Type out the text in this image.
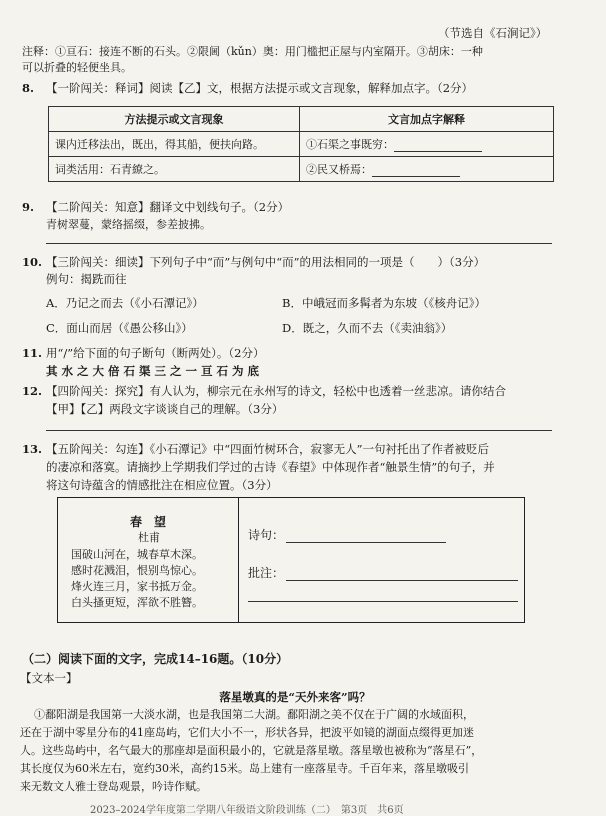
（节选自《石涧记》）
注释：①亘石：接连不断的石头。②限阃（kǔn）奥：用门槛把正屋与内室隔开。③胡床：一种
可以折叠的轻便坐具。
8. 【一阶闯关：释词】阅读【乙】文，根据方法提示或文言现象，解释加点字。（2分）
方法提示或文言现象	文言加点字解释
课内迁移法出，既出，得其船，便扶向路。	①石渠之事既穷：
词类活用：石青繚之。	②民又桥焉：
9. 【二阶闯关：知意】翻译文中划线句子。（2分）
青树翠蔓，蒙络摇缀，参差披拂。
10. 【三阶闯关：细读】下列句子中“而”与例句中“而”的用法相同的一项是（　　）（3分）
例句：揭跣而往
A．乃记之而去（《小石潭记》）	B．中峨冠而多髯者为东坡（《核舟记》）
C．面山而居（《愚公移山》）	D．既之，久而不去（《卖油翁》）
11. 用“/”给下面的句子断句（断两处）。（2分）
其 水 之 大 倍 石 渠 三 之 一 亘 石 为 底
12. 【四阶闯关：探究】有人认为，柳宗元在永州写的诗文，轻松中也透着一丝悲凉。请你结合
【甲】【乙】两段文字谈谈自己的理解。（3分）
13. 【五阶闯关：勾连】《小石潭记》中“四面竹树环合，寂寥无人”一句衬托出了作者被贬后
的凄凉和落寞。请摘抄上学期我们学过的古诗《春望》中体现作者“触景生情”的句子，并
将这句诗蕴含的情感批注在相应位置。（3分）
春　望
杜甫
国破山河在，城春草木深。
感时花溅泪，恨别鸟惊心。
烽火连三月，家书抵万金。
白头搔更短，浑欲不胜簪。
诗句：
批注：
（二）阅读下面的文字，完成14–16题。（10分）
【文本一】
落星墩真的是“天外来客”吗？
①鄱阳湖是我国第一大淡水湖，也是我国第二大湖。鄱阳湖之美不仅在于广阔的水域面积，
还在于湖中零星分布的41座岛屿，它们大小不一，形状各异，把波平如镜的湖面点缀得更加迷
人。这些岛屿中，名气最大的那座却是面积最小的，它就是落星墩。落星墩也被称为“落星石”，
其长度仅为60米左右，宽约30米，高约15米。岛上建有一座落星寺。千百年来，落星墩吸引
来无数文人雅士登岛观景，吟诗作赋。
2023–2024学年度第二学期八年级语文阶段训练（二）　第3页　共6页
